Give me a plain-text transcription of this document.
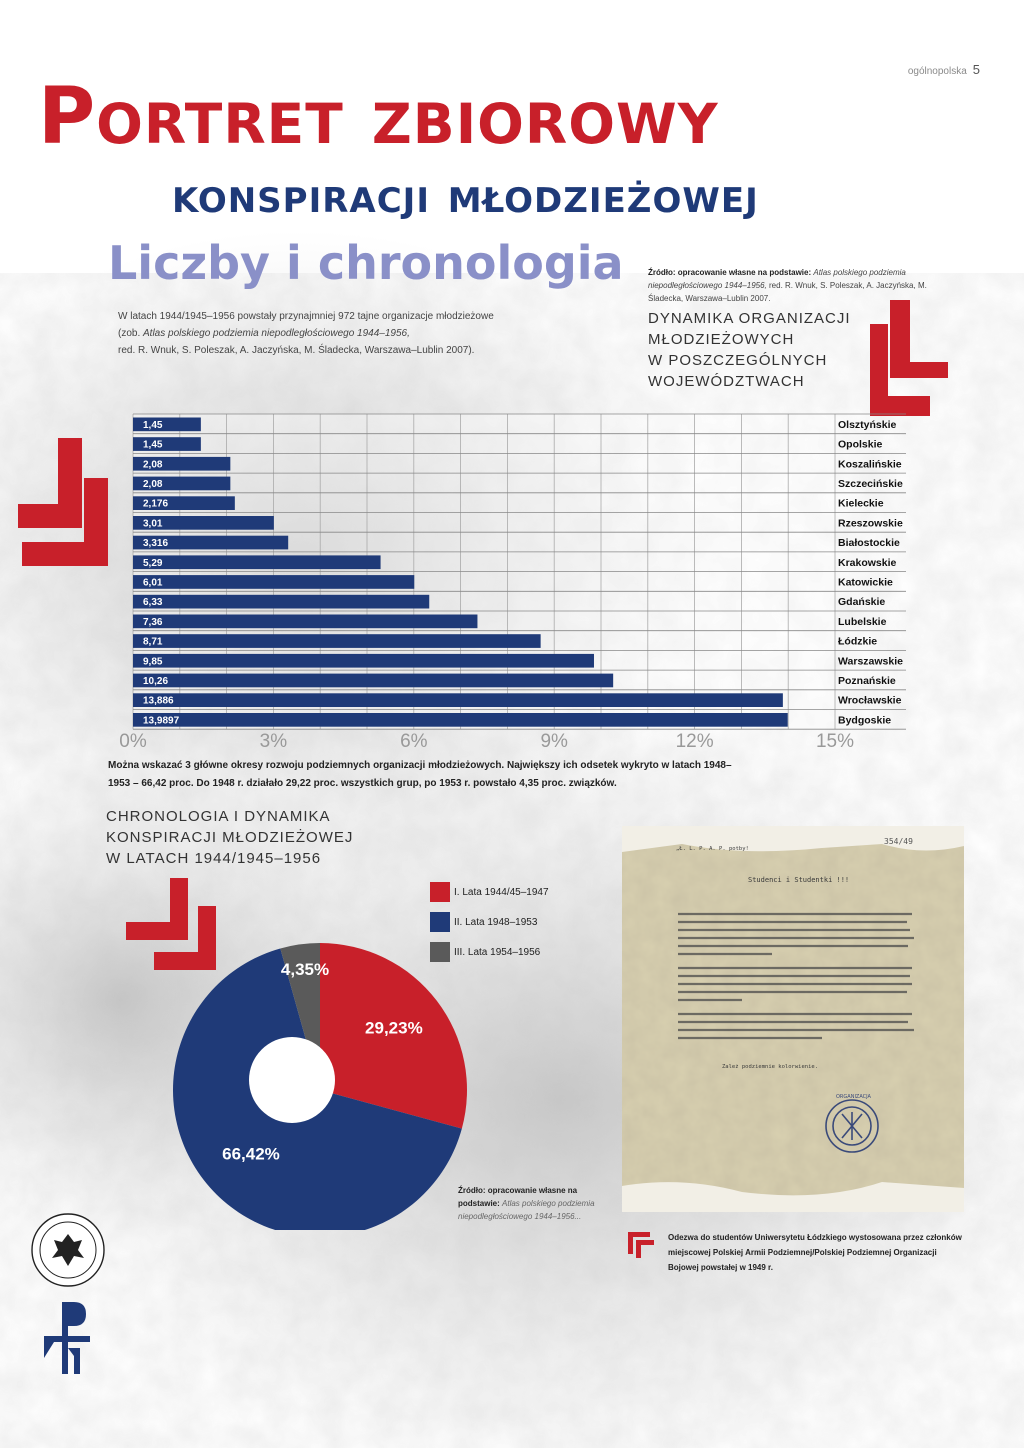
ogólnopolska 5
Portret zbiorowy
konspiracji młodzieżowej
Liczby i chronologia
W latach 1944/1945–1956 powstały przynajmniej 972 tajne organizacje młodzieżowe
(zob. Atlas polskiego podziemia niepodległościowego 1944–1956,
red. R. Wnuk, S. Poleszak, A. Jaczyńska, M. Śladecka, Warszawa–Lublin 2007).
Źródło: opracowanie własne na podstawie: Atlas polskiego podziemia niepodległościowego 1944–1956, red. R. Wnuk, S. Poleszak, A. Jaczyńska, M. Śladecka, Warszawa–Lublin 2007.
DYNAMIKA ORGANIZACJI
MŁODZIEŻOWYCH
W POSZCZEGÓLNYCH
WOJEWÓDZTWACH
1,45	Olsztyńskie
1,45	Opolskie
2,08	Koszalińskie
2,08	Szczecińskie
2,176	Kieleckie
3,01	Rzeszowskie
3,316	Białostockie
5,29	Krakowskie
6,01	Katowickie
6,33	Gdańskie
7,36	Lubelskie
8,71	Łódzkie
9,85	Warszawskie
10,26	Poznańskie
13,886	Wrocławskie
13,9897	Bydgoskie
0%	3%	6%	9%	12%	15%
Można wskazać 3 główne okresy rozwoju podziemnych organizacji młodzieżowych. Największy ich odsetek wykryto w latach 1948–1953 – 66,42 proc. Do 1948 r. działało 29,22 proc. wszystkich grup, po 1953 r. powstało 4,35 proc. związków.
CHRONOLOGIA I DYNAMIKA
KONSPIRACJI MŁODZIEŻOWEJ
W LATACH 1944/1945–1956
29,23%
66,42%
4,35%
I. Lata 1944/45–1947
II. Lata 1948–1953
III. Lata 1954–1956
Źródło: opracowanie własne na podstawie: Atlas polskiego podziemia niepodległościowego 1944–1956...
„Ł. L. P. A. P. potby!
354/49
Studenci i Studentki !!!
Zależ podziemnie kolorwienie.
ORGANIZACJA
Odezwa do studentów Uniwersytetu Łódzkiego wystosowana przez członków miejscowej Polskiej Armii Podziemnej/Polskiej Podziemnej Organizacji Bojowej powstałej w 1949 r.
